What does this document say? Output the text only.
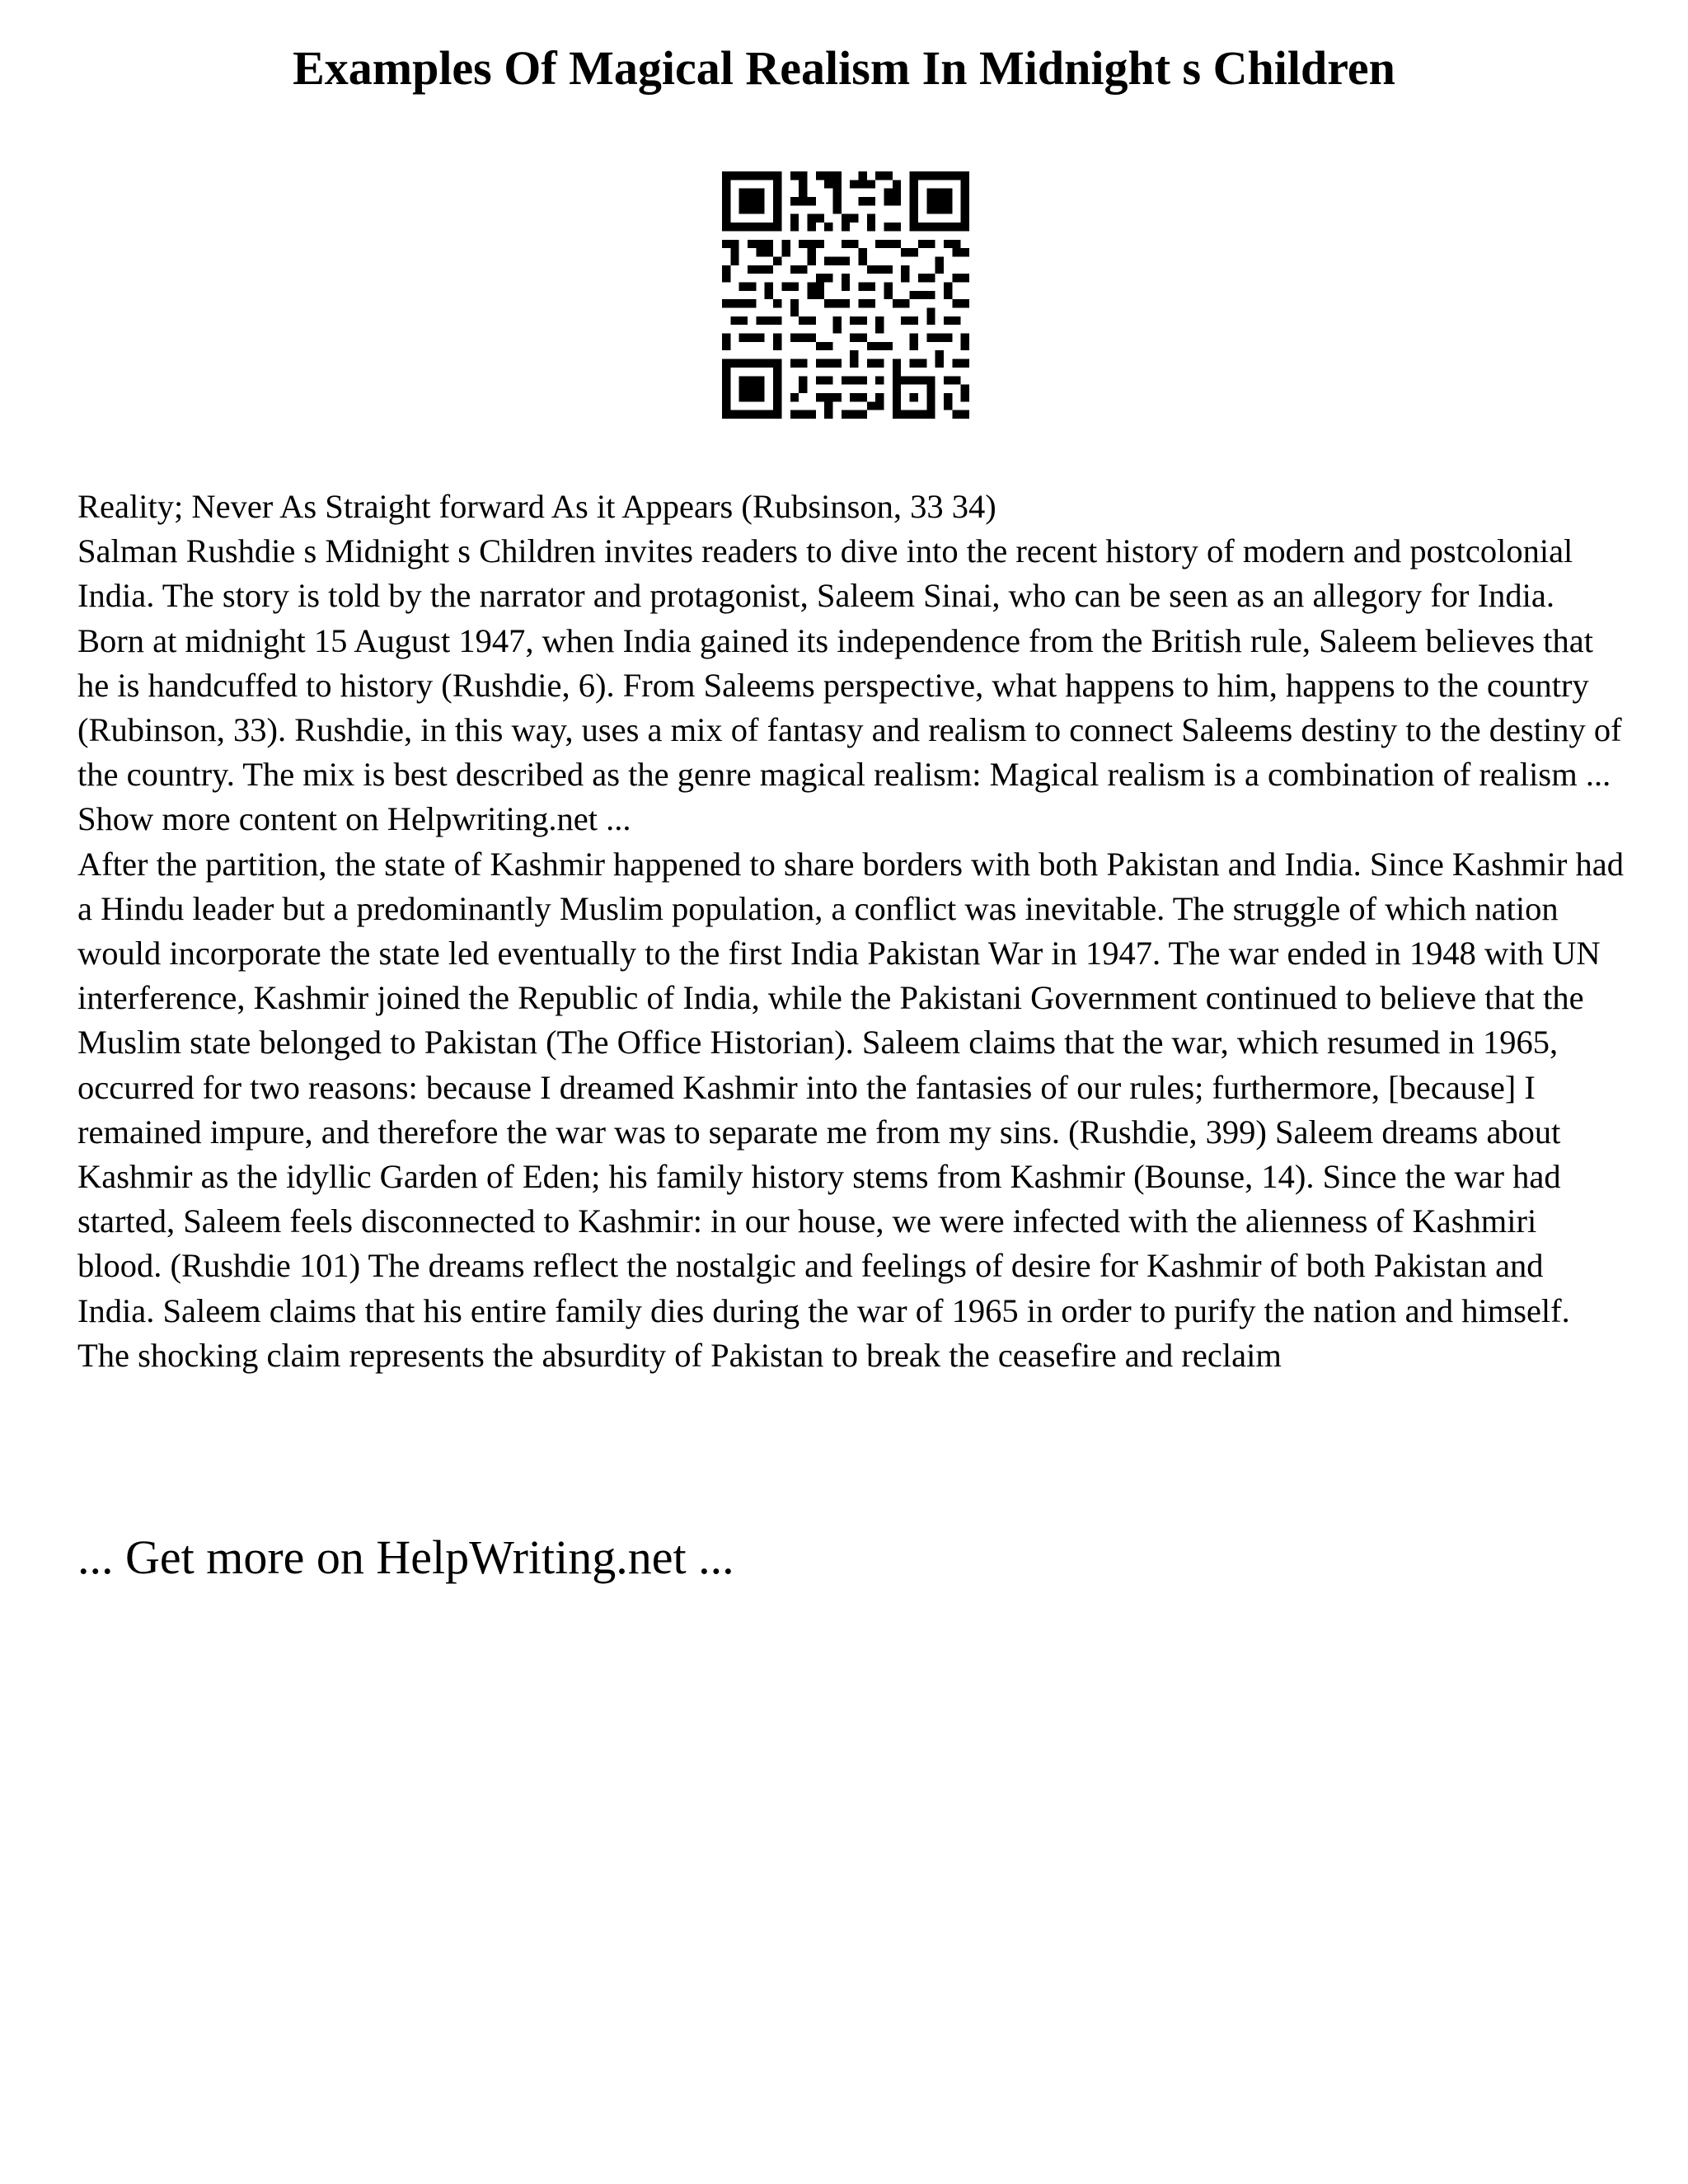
Examples Of Magical Realism In Midnight s Children

Reality; Never As Straight forward As it Appears (Rubsinson, 33 34)

Salman Rushdie s Midnight s Children invites readers to dive into the recent history of modern and postcolonial India. The story is told by the narrator and protagonist, Saleem Sinai, who can be seen as an allegory for India. Born at midnight 15 August 1947, when India gained its independence from the British rule, Saleem believes that he is handcuffed to history (Rushdie, 6). From Saleems perspective, what happens to him, happens to the country (Rubinson, 33). Rushdie, in this way, uses a mix of fantasy and realism to connect Saleems destiny to the destiny of the country. The mix is best described as the genre magical realism: Magical realism is a combination of realism ... Show more content on Helpwriting.net ...

After the partition, the state of Kashmir happened to share borders with both Pakistan and India. Since Kashmir had a Hindu leader but a predominantly Muslim population, a conflict was inevitable. The struggle of which nation would incorporate the state led eventually to the first India Pakistan War in 1947. The war ended in 1948 with UN interference, Kashmir joined the Republic of India, while the Pakistani Government continued to believe that the Muslim state belonged to Pakistan (The Office Historian). Saleem claims that the war, which resumed in 1965, occurred for two reasons: because I dreamed Kashmir into the fantasies of our rules; furthermore, [because] I remained impure, and therefore the war was to separate me from my sins. (Rushdie, 399) Saleem dreams about Kashmir as the idyllic Garden of Eden; his family history stems from Kashmir (Bounse, 14). Since the war had started, Saleem feels disconnected to Kashmir: in our house, we were infected with the alienness of Kashmiri blood. (Rushdie 101) The dreams reflect the nostalgic and feelings of desire for Kashmir of both Pakistan and India. Saleem claims that his entire family dies during the war of 1965 in order to purify the nation and himself. The shocking claim represents the absurdity of Pakistan to break the ceasefire and reclaim

... Get more on HelpWriting.net ...
